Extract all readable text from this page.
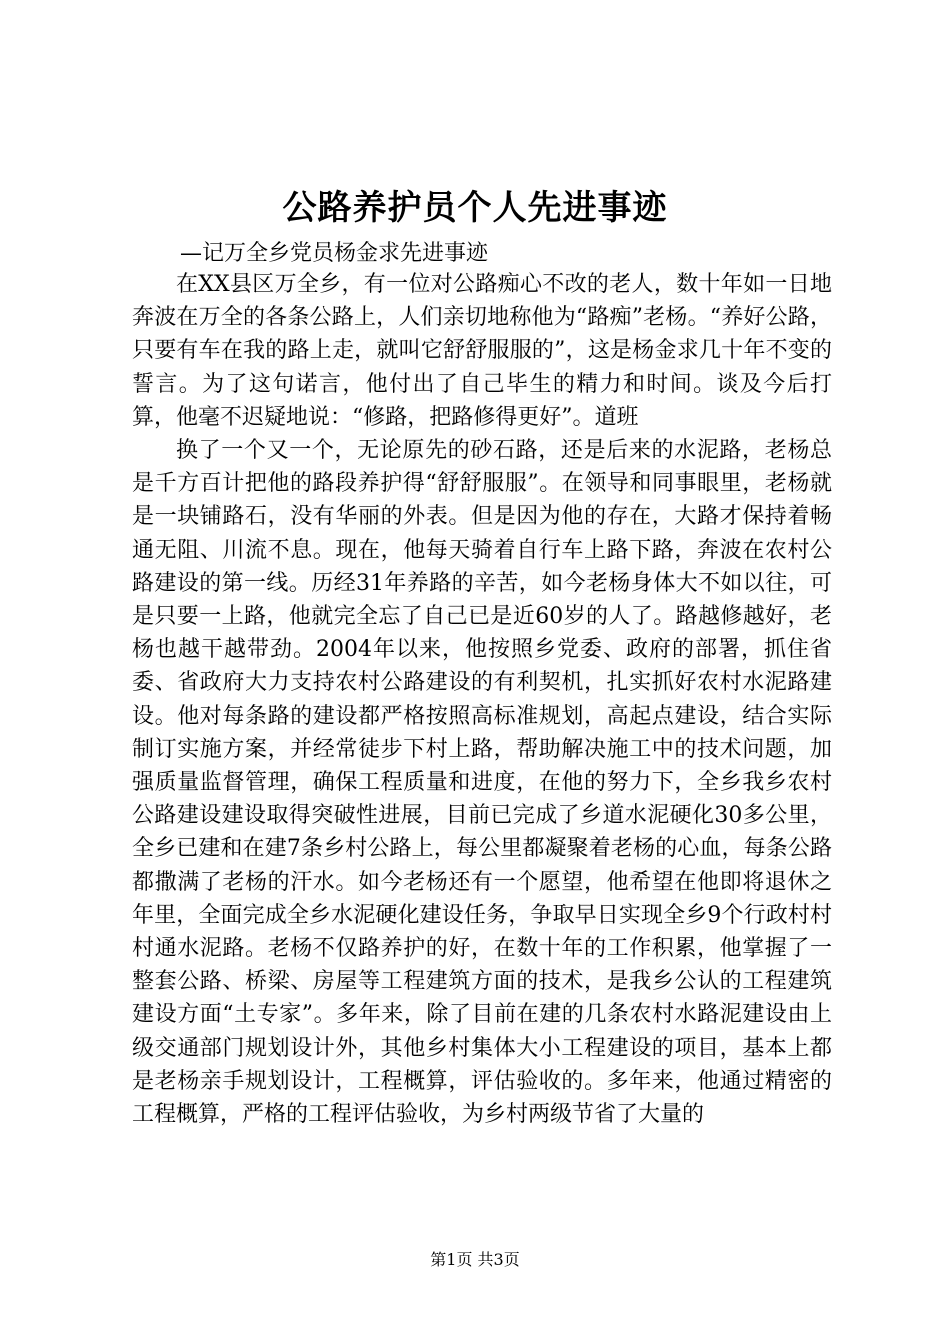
公路养护员个人先进事迹
—记万全乡党员杨金求先进事迹

在XX县区万全乡，有一位对公路痴心不改的老人，数十年如一日地奔波在万全的各条公路上，人们亲切地称他为“路痴”老杨。“养好公路，只要有车在我的路上走，就叫它舒舒服服的”，这是杨金求几十年不变的誓言。为了这句诺言，他付出了自己毕生的精力和时间。谈及今后打算，他毫不迟疑地说：“修路，把路修得更好”。道班

换了一个又一个，无论原先的砂石路，还是后来的水泥路，老杨总是千方百计把他的路段养护得“舒舒服服”。在领导和同事眼里，老杨就是一块铺路石，没有华丽的外表。但是因为他的存在，大路才保持着畅通无阻、川流不息。现在，他每天骑着自行车上路下路，奔波在农村公路建设的第一线。历经31年养路的辛苦，如今老杨身体大不如以往，可是只要一上路，他就完全忘了自己已是近60岁的人了。路越修越好，老杨也越干越带劲。2004年以来，他按照乡党委、政府的部署，抓住省委、省政府大力支持农村公路建设的有利契机，扎实抓好农村水泥路建设。他对每条路的建设都严格按照高标准规划，高起点建设，结合实际制订实施方案，并经常徒步下村上路，帮助解决施工中的技术问题，加强质量监督管理，确保工程质量和进度，在他的努力下，全乡我乡农村公路建设建设取得突破性进展，目前已完成了乡道水泥硬化30多公里，全乡已建和在建7条乡村公路上，每公里都凝聚着老杨的心血，每条公路都撒满了老杨的汗水。如今老杨还有一个愿望，他希望在他即将退休之年里，全面完成全乡水泥硬化建设任务，争取早日实现全乡9个行政村村村通水泥路。老杨不仅路养护的好，在数十年的工作积累，他掌握了一整套公路、桥梁、房屋等工程建筑方面的技术，是我乡公认的工程建筑建设方面“土专家”。多年来，除了目前在建的几条农村水路泥建设由上级交通部门规划设计外，其他乡村集体大小工程建设的项目，基本上都是老杨亲手规划设计，工程概算，评估验收的。多年来，他通过精密的工程概算，严格的工程评估验收，为乡村两级节省了大量的

第1页 共3页
